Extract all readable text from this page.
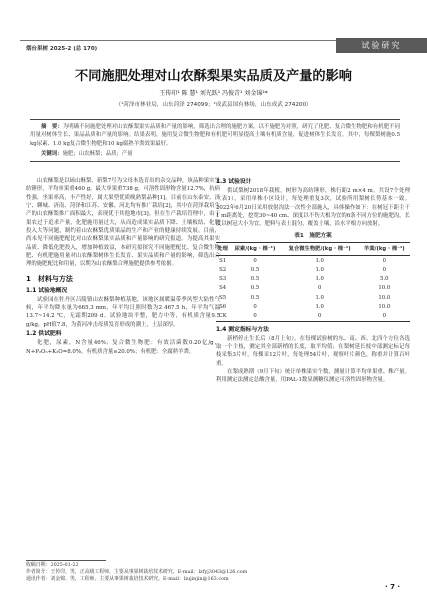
烟台果树 2025-2 (总 170)	试验研究
不同施肥处理对山农酥梨果实品质及产量的影响
王传印¹ 陈 慧¹ 刘光跃¹ 冯俊青¹ 刘金锦²*
（¹菏泽市林业局，山东菏泽 274099；²成武县国有林场，山东成武 274200）

摘　要：为明确不同施肥处理对山农酥梨果实品质和产量的影响，筛选出合理的施肥方案，以不施肥为对照，研究了化肥、复合微生物肥和有机肥不同用量对树体生长、果品品质和产量的影响。结果表明，施用复合微生物肥和有机肥可明显提高土壤有机质含量，促进树体生长发育。其中，每棵梨树施0.5 kg尿素、1.0 kg复合微生物肥和10 kg腐熟羊粪效果最好。

关键词：施肥；山农酥梨；品质；产量

山农酥梨是以砀山酥梨、新梨7号为父母本选育出的杂交品种，该品种果实呈纺锤形，平均单果重460 g，最大单果重738 g，可溶性固形物含量12.7%，抗病性强，坐果率高，丰产性好，属大果型优质晚熟梨品种[1]。目前在山东泰安、济宁、聊城、济南、菏泽和江苏、安徽、河北均有推广栽培[2]，其中在菏泽栽培生产的山农酥梨推广面积最大，表现优于其他地市[3]。但在生产栽培管理中，由于果农过于追求产量，化肥施用量过大，从而造成果实品质下降、土壤板结、化肥投入大等问题，制约着山农酥梨优质果品的生产和产业的健康持续发展。目前，尚未见不同施肥配比对山农酥梨果实品质和产量影响的研究报道。为提高其果实品质、降低化肥投入，增加种植效益，本研究拟探究不同施肥配比、复合微生物肥、有机肥施用量对山农酥梨树体生长发育、果实品质和产量的影响，筛选出合理的施肥配比和用量，以期为山农酥梨合理施肥提供参考依据。

1　材料与方法
1.1 试验地概况

试验园在牡丹区吕陵镇山农酥梨种植基地，该地区属暖温带季风型大陆性气候，年平均降水量为665.3 mm，年平均日照时数为2 467.5 h，年平均气温13.7~14.2 ℃，无霜期209 d。试验地块平整，肥力中等，有机质含量9.5 g/kg，pH值7.8，为黄河冲击母质发育形成的潮土，土层深厚。

1.2 供试肥料

化肥，尿素，N含量46%；复合微生物肥：有效活菌数0.20亿/g，N+P₂O₅+K₂O=8.0%，有机质含量≥20.0%；有机肥：全腐熟羊粪。

1.3 试验设计

供试梨树2018年栽植，树形为高纺锤形，株行距2 m×4 m。共设7个处理（表1），采用单株小区设计，每处理重复3次，试验所用梨树长势基本一致。2022年6月20日采用放射沟法一次性全部施入，具体操作如下：在树冠下距主干1 m距离处，挖宽30~40 cm、深度以不伤大根为宜的6条不同方位的施肥沟，长度以树冠大小为宜，肥料与表土混匀，覆盖土壤，沿水平根方向放射。

表1　施肥方案
处理	尿素/(kg · 棵⁻¹)	复合微生物肥/(kg · 棵⁻¹)	羊粪/(kg · 棵⁻¹)
S1	0	1.0	0
S2	0.5	1.0	0
S3	0.5	1.0	5.0
S4	0.5	0	10.0
S5	0.5	1.0	10.0
S6	0	1.0	10.0
CK	0	0	0
1.4 测定指标与方法

新梢停止生长后（8月上旬），在每棵试验树的东、南、西、北四个方位各选取一个主枝，测定其全部新梢的长度，取平均值；在梨树延长枝中部测定标记每枝采集3片叶，每棵采12片叶，每处理54片叶，观察叶片颜色，称重并计算百叶重。

在梨成熟期（9月下旬）统计单株果实个数，测量计算平均单果重、株产量。利用测定法测定总酸含量，用PAL-1数显测糖仪测定可溶性固形物含量。

收稿日期：2025-01-22
作者简介：王传印，男，正高级工程师，主要从事果树栽培技术研究。E-mail：lzfyj3043@126.com
通讯作者：刘金锦，男，工程师，主要从事果树栽培技术研究。E-mail：liujinjin@163.com
· 7 ·
